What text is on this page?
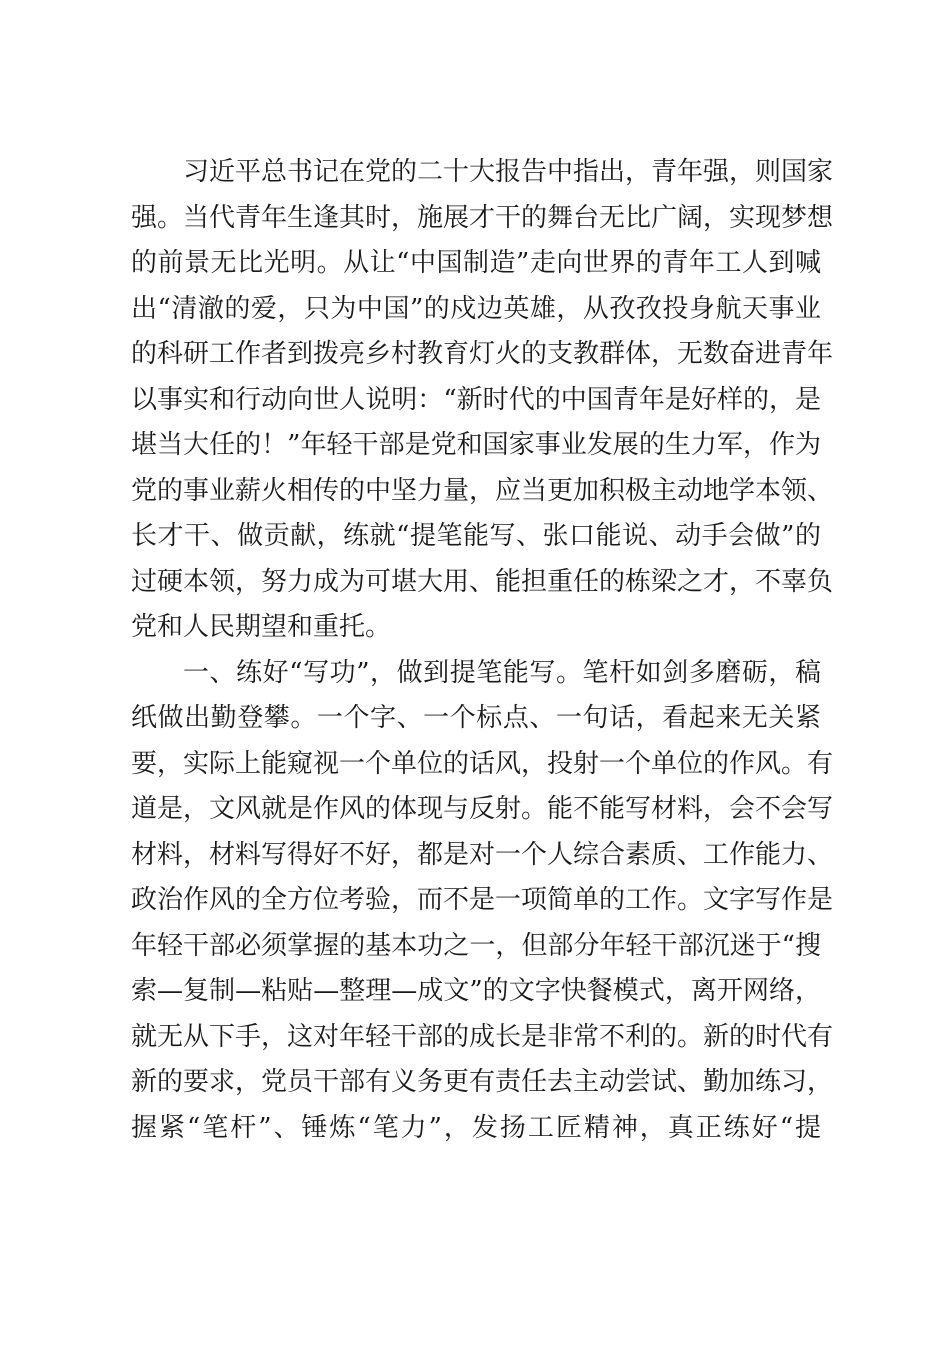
习近平总书记在党的二十大报告中指出，青年强，则国家
强。当代青年生逢其时，施展才干的舞台无比广阔，实现梦想
的前景无比光明。从让“中国制造”走向世界的青年工人到喊
出“清澈的爱，只为中国”的戍边英雄，从孜孜投身航天事业
的科研工作者到拨亮乡村教育灯火的支教群体，无数奋进青年
以事实和行动向世人说明：“新时代的中国青年是好样的，是
堪当大任的！”年轻干部是党和国家事业发展的生力军，作为
党的事业薪火相传的中坚力量，应当更加积极主动地学本领、
长才干、做贡献，练就“提笔能写、张口能说、动手会做”的
过硬本领，努力成为可堪大用、能担重任的栋梁之才，不辜负
党和人民期望和重托。
一、练好“写功”，做到提笔能写。笔杆如剑多磨砺，稿
纸做出勤登攀。一个字、一个标点、一句话，看起来无关紧
要，实际上能窥视一个单位的话风，投射一个单位的作风。有
道是，文风就是作风的体现与反射。能不能写材料，会不会写
材料，材料写得好不好，都是对一个人综合素质、工作能力、
政治作风的全方位考验，而不是一项简单的工作。文字写作是
年轻干部必须掌握的基本功之一，但部分年轻干部沉迷于“搜
索—复制—粘贴—整理—成文”的文字快餐模式，离开网络，
就无从下手，这对年轻干部的成长是非常不利的。新的时代有
新的要求，党员干部有义务更有责任去主动尝试、勤加练习，
握紧“笔杆”、锤炼“笔力”，发扬工匠精神，真正练好“提
